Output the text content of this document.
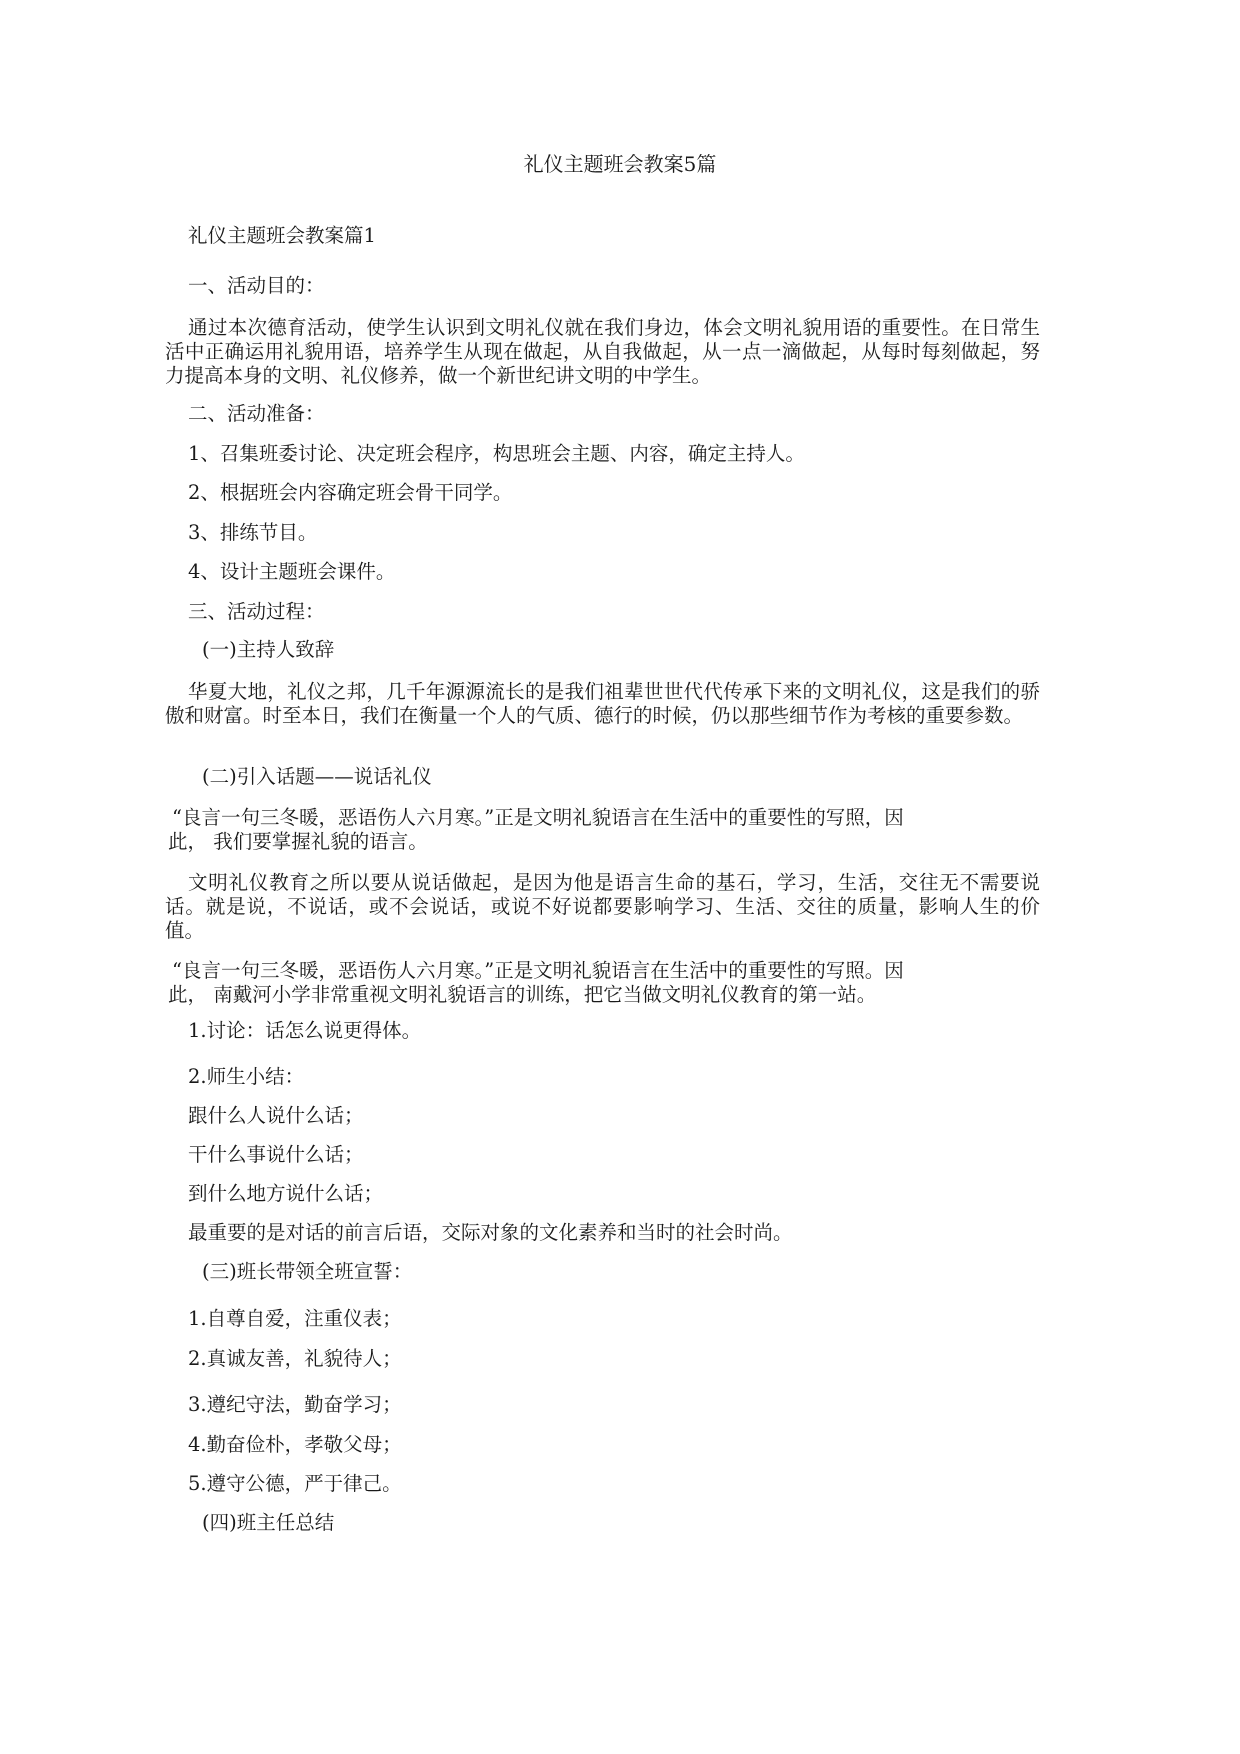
礼仪主题班会教案5篇
礼仪主题班会教案篇1
一、活动目的：
通过本次德育活动，使学生认识到文明礼仪就在我们身边，体会文明礼貌用语的重要性。在日常生活中正确运用礼貌用语，培养学生从现在做起，从自我做起，从一点一滴做起，从每时每刻做起，努力提高本身的文明、礼仪修养，做一个新世纪讲文明的中学生。
二、活动准备：
1、召集班委讨论、决定班会程序，构思班会主题、内容，确定主持人。
2、根据班会内容确定班会骨干同学。
3、排练节目。
4、设计主题班会课件。
三、活动过程：
(一)主持人致辞
华夏大地，礼仪之邦，几千年源源流长的是我们祖辈世世代代传承下来的文明礼仪，这是我们的骄傲和财富。时至本日，我们在衡量一个人的气质、德行的时候，仍以那些细节作为考核的重要参数。
(二)引入话题——说话礼仪
“良言一句三冬暖，恶语伤人六月寒。”正是文明礼貌语言在生活中的重要性的写照，因
此， 我们要掌握礼貌的语言。
文明礼仪教育之所以要从说话做起，是因为他是语言生命的基石，学习，生活，交往无不需要说话。就是说，不说话，或不会说话，或说不好说都要影响学习、生活、交往的质量，影响人生的价值。
“良言一句三冬暖，恶语伤人六月寒。”正是文明礼貌语言在生活中的重要性的写照。因
此， 南戴河小学非常重视文明礼貌语言的训练，把它当做文明礼仪教育的第一站。
1.讨论：话怎么说更得体。
2.师生小结：
跟什么人说什么话；
干什么事说什么话；
到什么地方说什么话；
最重要的是对话的前言后语，交际对象的文化素养和当时的社会时尚。
(三)班长带领全班宣誓：
1.自尊自爱，注重仪表；
2.真诚友善，礼貌待人；
3.遵纪守法，勤奋学习；
4.勤奋俭朴，孝敬父母；
5.遵守公德，严于律己。
(四)班主任总结
